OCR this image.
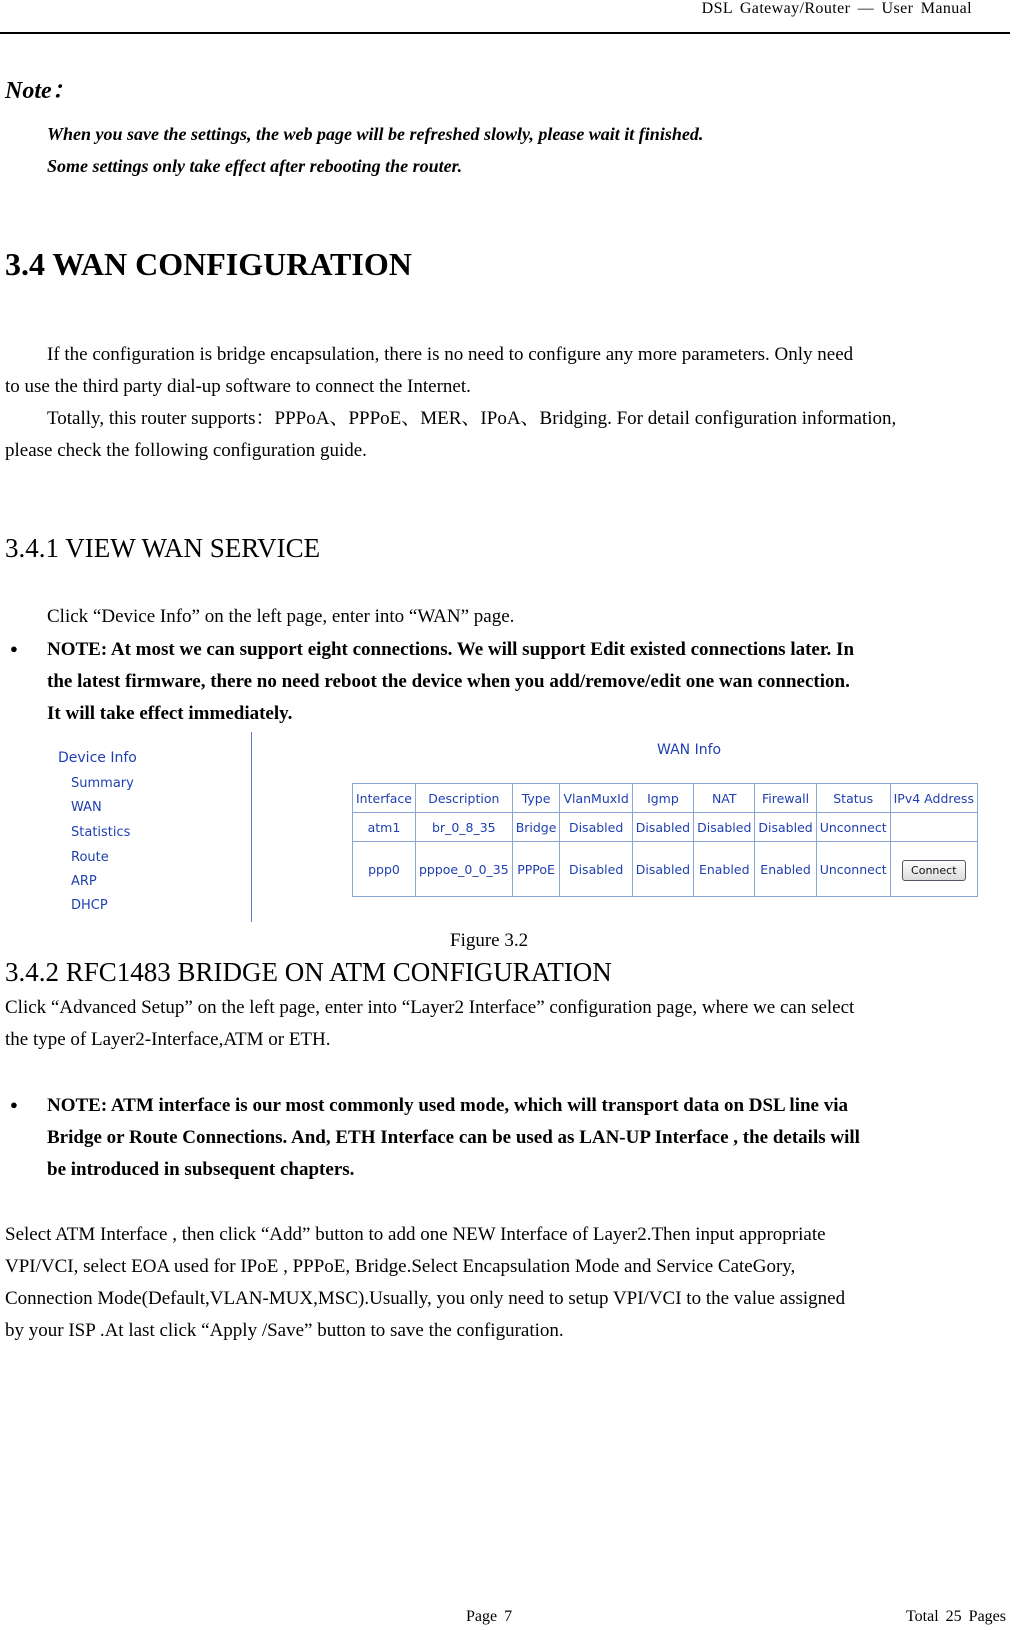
DSL Gateway/Router — User Manual
Note：
When you save the settings, the web page will be refreshed slowly, please wait it finished.
Some settings only take effect after rebooting the router.
3.4 WAN CONFIGURATION
If the configuration is bridge encapsulation, there is no need to configure any more parameters. Only need
to use the third party dial-up software to connect the Internet.
Totally, this router supports：PPPoA、PPPoE、MER、IPoA、Bridging. For detail configuration information,
please check the following configuration guide.
3.4.1 VIEW WAN SERVICE
Click “Device Info” on the left page, enter into “WAN” page.
● NOTE: At most we can support eight connections. We will support Edit existed connections later. In
the latest firmware, there no need reboot the device when you add/remove/edit one wan connection.
It will take effect immediately.
Device Info
Summary
WAN
Statistics
Route
ARP
DHCP
WAN Info
Interface	Description	Type	VlanMuxId	Igmp	NAT	Firewall	Status	IPv4 Address
atm1	br_0_8_35	Bridge	Disabled	Disabled	Disabled	Disabled	Unconnect	
ppp0	pppoe_0_0_35	PPPoE	Disabled	Disabled	Enabled	Enabled	Unconnect	Connect
Figure 3.2
3.4.2 RFC1483 BRIDGE ON ATM CONFIGURATION
Click “Advanced Setup” on the left page, enter into “Layer2 Interface” configuration page, where we can select
the type of Layer2-Interface,ATM or ETH.
● NOTE: ATM interface is our most commonly used mode, which will transport data on DSL line via
Bridge or Route Connections. And, ETH Interface can be used as LAN-UP Interface , the details will
be introduced in subsequent chapters.
Select ATM Interface , then click “Add” button to add one NEW Interface of Layer2.Then input appropriate
VPI/VCI, select EOA used for IPoE , PPPoE, Bridge.Select Encapsulation Mode and Service CateGory,
Connection Mode(Default,VLAN-MUX,MSC).Usually, you only need to setup VPI/VCI to the value assigned
by your ISP .At last click “Apply /Save” button to save the configuration.
Page 7	Total 25 Pages
